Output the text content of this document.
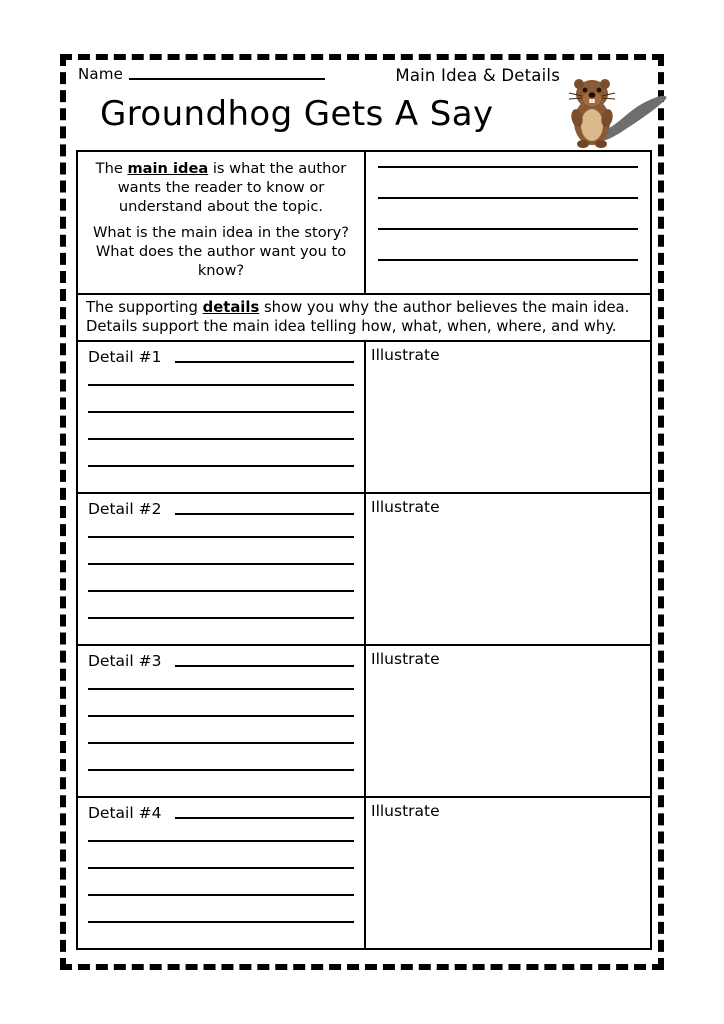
Name	Main Idea & Details
Groundhog Gets A Say

The main idea is what the author wants the reader to know or understand about the topic.

What is the main idea in the story? What does the author want you to know?

The supporting details show you why the author believes the main idea.

Details support the main idea telling how, what, when, where, and why.

Detail #1	Illustrate
Detail #2	Illustrate
Detail #3	Illustrate
Detail #4	Illustrate
